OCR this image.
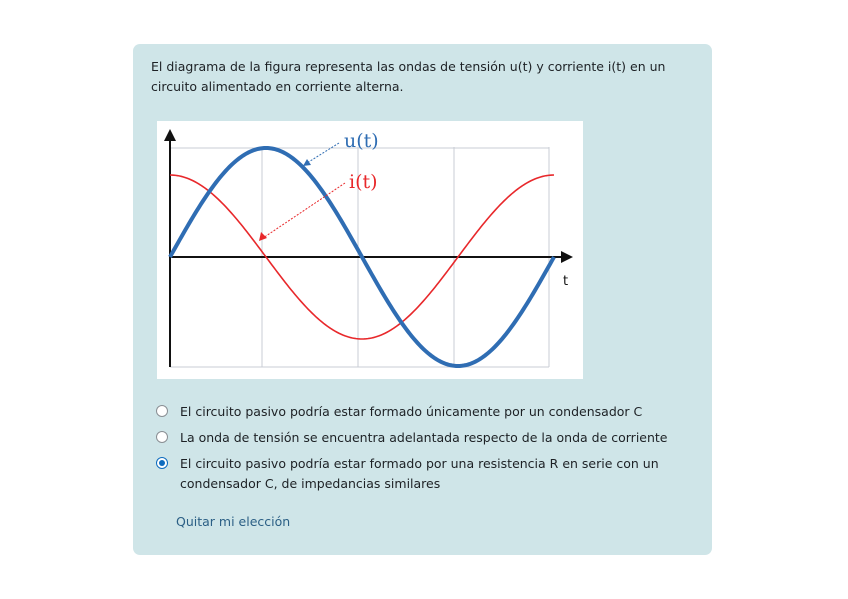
El diagrama de la figura representa las ondas de tensión u(t) y corriente i(t) en un circuito alimentado en corriente alterna.

u(t)
i(t)
t
El circuito pasivo podría estar formado únicamente por un condensador C
La onda de tensión se encuentra adelantada respecto de la onda de corriente
El circuito pasivo podría estar formado por una resistencia R en serie con un condensador C, de impedancias similares
Quitar mi elección
